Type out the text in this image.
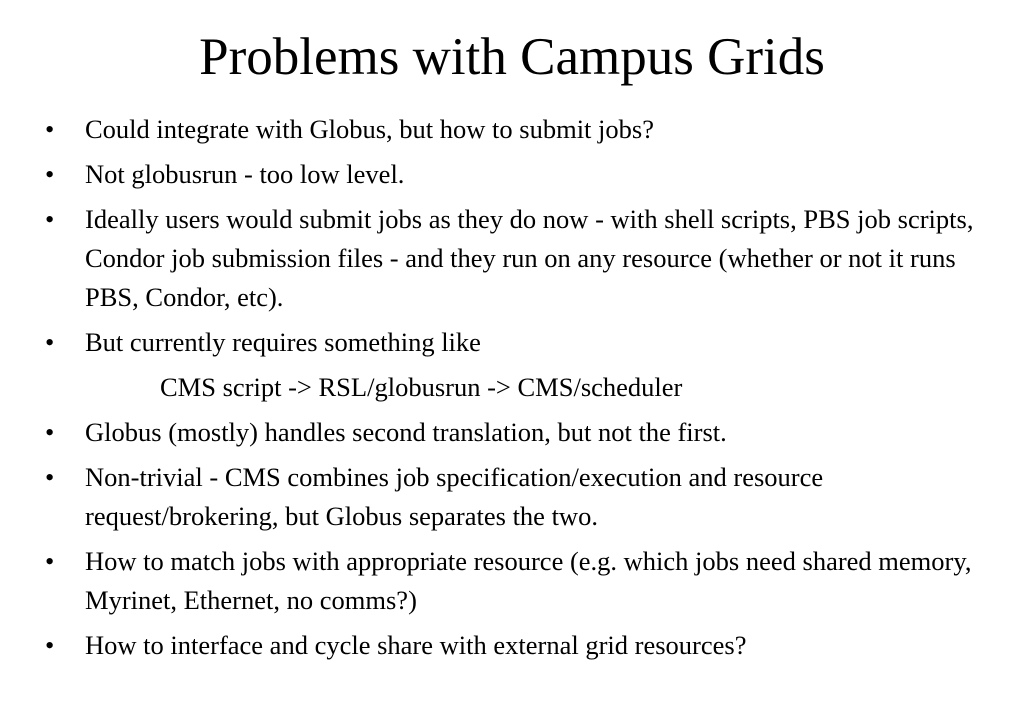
Problems with Campus Grids
•	Could integrate with Globus, but how to submit jobs?
•	Not globusrun - too low level.
•	Ideally users would submit jobs as they do now - with shell scripts, PBS job scripts, Condor job submission files - and they run on any resource (whether or not it runs PBS, Condor, etc).
•	But currently requires something like
CMS script -> RSL/globusrun -> CMS/scheduler
•	Globus (mostly) handles second translation, but not the first.
•	Non-trivial - CMS combines job specification/execution and resource request/brokering, but Globus separates the two.
•	How to match jobs with appropriate resource (e.g. which jobs need shared memory, Myrinet, Ethernet, no comms?)
•	How to interface and cycle share with external grid resources?
